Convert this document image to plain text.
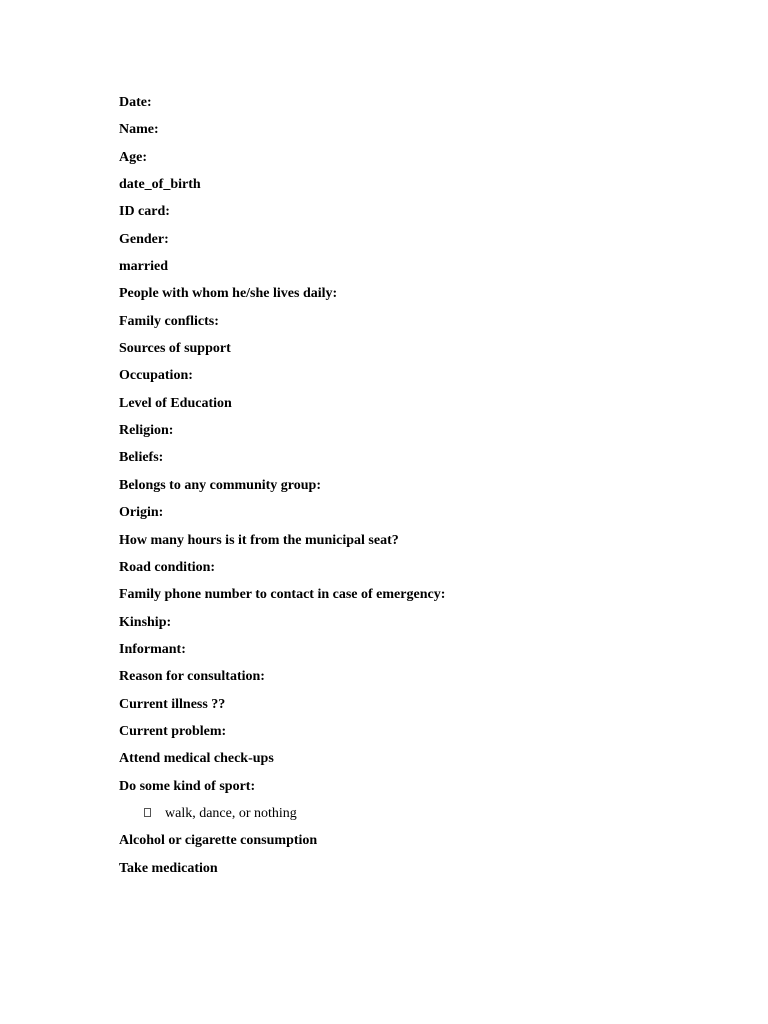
Date:
Name:
Age:
date_of_birth
ID card:
Gender:
married
People with whom he/she lives daily:
Family conflicts:
Sources of support
Occupation:
Level of Education
Religion:
Beliefs:
Belongs to any community group:
Origin:
How many hours is it from the municipal seat?
Road condition:
Family phone number to contact in case of emergency:
Kinship:
Informant:
Reason for consultation:
Current illness ??
Current problem:
Attend medical check-ups
Do some kind of sport:
walk, dance, or nothing
Alcohol or cigarette consumption
Take medication
